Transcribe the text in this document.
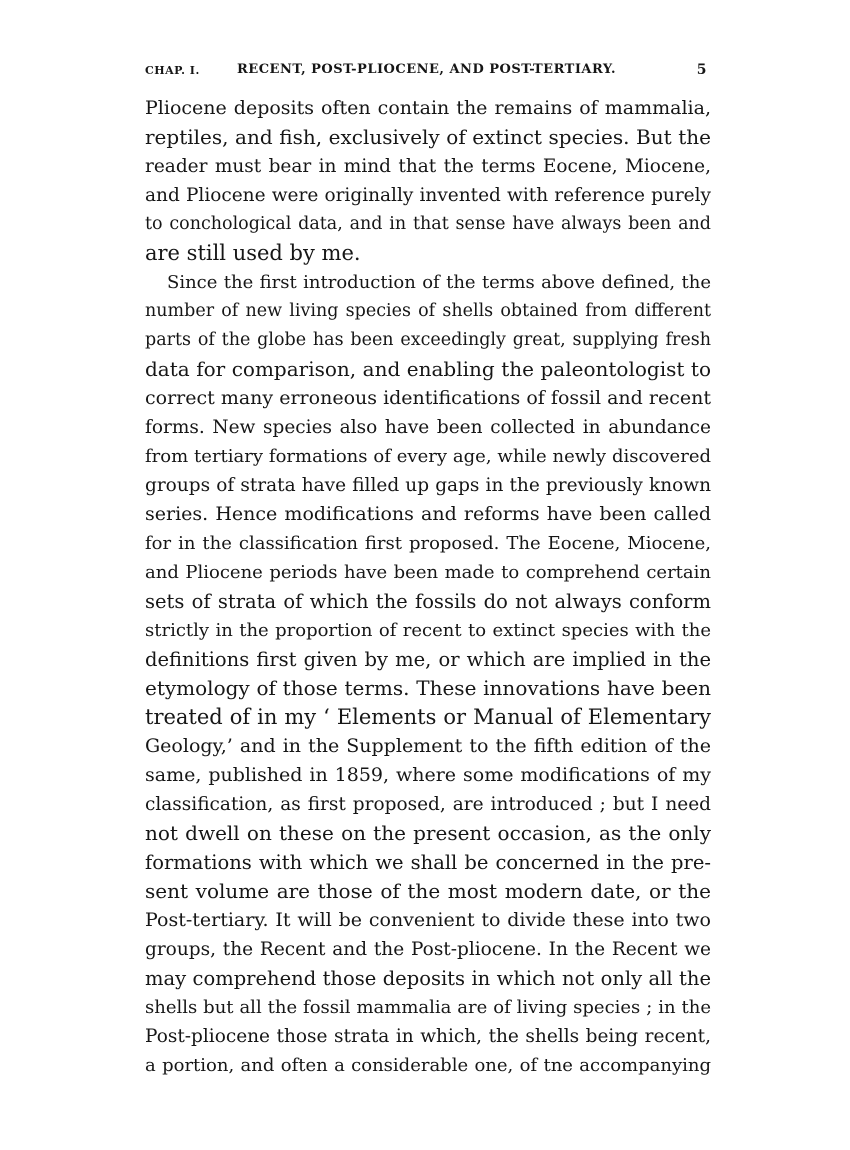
CHAP. I.	RECENT, POST-PLIOCENE, AND POST-TERTIARY.	5
Pliocene deposits often contain the remains of mammalia,
reptiles, and fish, exclusively of extinct species. But the
reader must bear in mind that the terms Eocene, Miocene,
and Pliocene were originally invented with reference purely
to conchological data, and in that sense have always been and
are still used by me.
Since the first introduction of the terms above defined, the
number of new living species of shells obtained from different
parts of the globe has been exceedingly great, supplying fresh
data for comparison, and enabling the paleontologist to
correct many erroneous identifications of fossil and recent
forms. New species also have been collected in abundance
from tertiary formations of every age, while newly discovered
groups of strata have filled up gaps in the previously known
series. Hence modifications and reforms have been called
for in the classification first proposed. The Eocene, Miocene,
and Pliocene periods have been made to comprehend certain
sets of strata of which the fossils do not always conform
strictly in the proportion of recent to extinct species with the
definitions first given by me, or which are implied in the
etymology of those terms. These innovations have been
treated of in my ‘ Elements or Manual of Elementary
Geology,’ and in the Supplement to the fifth edition of the
same, published in 1859, where some modifications of my
classification, as first proposed, are introduced ; but I need
not dwell on these on the present occasion, as the only
formations with which we shall be concerned in the pre-
sent volume are those of the most modern date, or the
Post-tertiary. It will be convenient to divide these into two
groups, the Recent and the Post-pliocene. In the Recent we
may comprehend those deposits in which not only all the
shells but all the fossil mammalia are of living species ; in the
Post-pliocene those strata in which, the shells being recent,
a portion, and often a considerable one, of tne accompanying
